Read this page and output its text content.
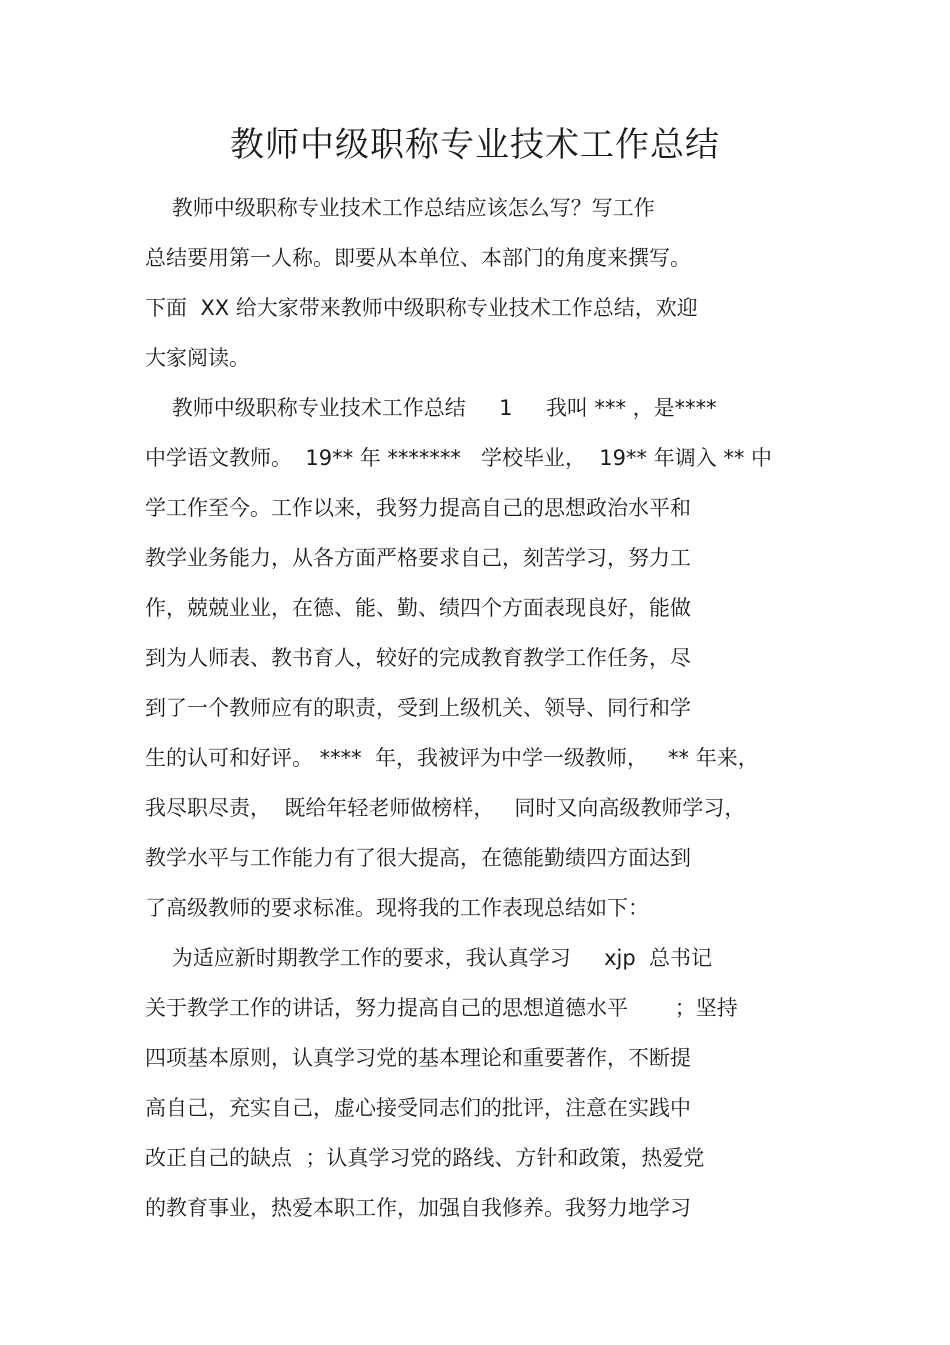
教师中级职称专业技术工作总结
教师中级职称专业技术工作总结应该怎么写？写工作
总结要用第一人称。即要从本单位、本部门的角度来撰写。
下面  XX 给大家带来教师中级职称专业技术工作总结，欢迎
大家阅读。
教师中级职称专业技术工作总结     1     我叫 *** ，是****
中学语文教师。  19** 年 *******   学校毕业，  19** 年调入 ** 中
学工作至今。工作以来，我努力提高自己的思想政治水平和
教学业务能力，从各方面严格要求自己，刻苦学习，努力工
作，兢兢业业，在德、能、勤、绩四个方面表现良好，能做
到为人师表、教书育人，较好的完成教育教学工作任务，尽
到了一个教师应有的职责，受到上级机关、领导、同行和学
生的认可和好评。 ****  年，我被评为中学一级教师，   ** 年来，
我尽职尽责，  既给年轻老师做榜样，   同时又向高级教师学习，
教学水平与工作能力有了很大提高，在德能勤绩四方面达到
了高级教师的要求标准。现将我的工作表现总结如下：
为适应新时期教学工作的要求，我认真学习     xjp  总书记
关于教学工作的讲话，努力提高自己的思想道德水平       ；坚持
四项基本原则，认真学习党的基本理论和重要著作，不断提
高自己，充实自己，虚心接受同志们的批评，注意在实践中
改正自己的缺点  ；认真学习党的路线、方针和政策，热爱党
的教育事业，热爱本职工作，加强自我修养。我努力地学习
